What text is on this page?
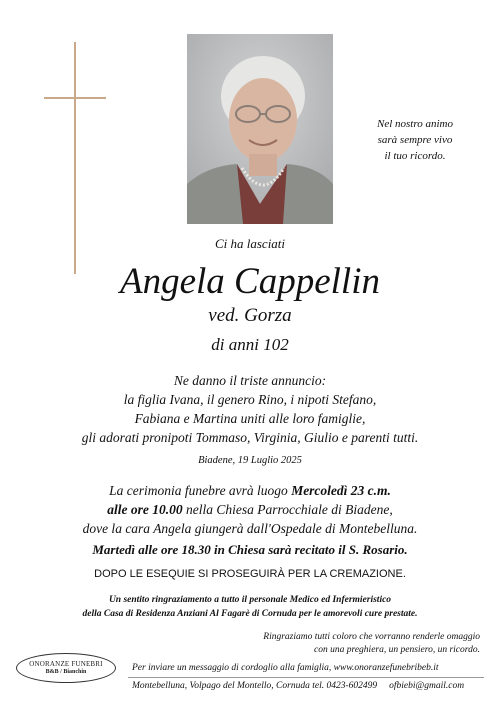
Nel nostro animo
sarà sempre vivo
il tuo ricordo.
Ci ha lasciati
Angela Cappellin
ved. Gorza
di anni 102
Ne danno il triste annuncio:
la figlia Ivana, il genero Rino, i nipoti Stefano,
Fabiana e Martina uniti alle loro famiglie,
gli adorati pronipoti Tommaso, Virginia, Giulio e parenti tutti.
Biadene, 19 Luglio 2025
La cerimonia funebre avrà luogo Mercoledì 23 c.m.
alle ore 10.00 nella Chiesa Parrocchiale di Biadene,
dove la cara Angela giungerà dall'Ospedale di Montebelluna.
Martedì alle ore 18.30 in Chiesa sarà recitato il S. Rosario.
DOPO LE ESEQUIE SI PROSEGUIRÀ PER LA CREMAZIONE.
Un sentito ringraziamento a tutto il personale Medico ed Infermieristico
della Casa di Residenza Anziani Al Fagarè di Cornuda per le amorevoli cure prestate.
Ringraziamo tutti coloro che vorranno renderle omaggio
con una preghiera, un pensiero, un ricordo.
ONORANZE FUNEBRI
B&B / Bianchin	Per inviare un messaggio di cordoglio alla famiglia, www.onoranzefunebribeb.it
Montebelluna, Volpago del Montello, Cornuda tel. 0423-602499 ofbiebi@gmail.com
